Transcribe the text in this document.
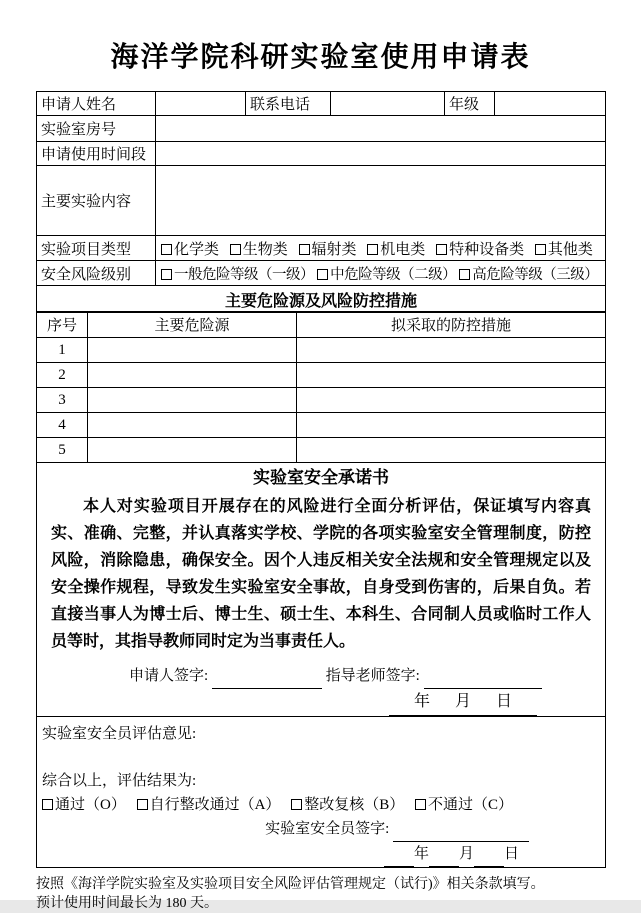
海洋学院科研实验室使用申请表
申请人姓名		联系电话		年级	
实验室房号					
申请使用时间段					
主要实验内容					
实验项目类型	化学类 生物类 辐射类 机电类 特种设备类 其他类				
安全风险级别	一般危险等级（一级） 中危险等级（二级） 高危险等级（三级）				
主要危险源及风险防控措施					
序号	主要危险源	拟采取的防控措施
1		
2		
3		
4		
5		

实验室安全承诺书

本人对实验项目开展存在的风险进行全面分析评估，保证填写内容真实、准确、完整，并认真落实学校、学院的各项实验室安全管理制度，防控风险，消除隐患，确保安全。因个人违反相关安全法规和安全管理规定以及安全操作规程，导致发生实验室安全事故，自身受到伤害的，后果自负。若直接当事人为博士后、博士生、硕士生、本科生、合同制人员或临时工作人员等时，其指导教师同时定为当事责任人。

申请人签字:	指导老师签字:
年 月 日

实验室安全员评估意见:
综合以上，评估结果为:
通过（O） 自行整改通过（A） 整改复核（B） 不通过（C）
实验室安全员签字:
年 月 日		
按照《海洋学院实验室及实验项目安全风险评估管理规定（试行)》相关条款填写。
预计使用时间最长为 180 天。
